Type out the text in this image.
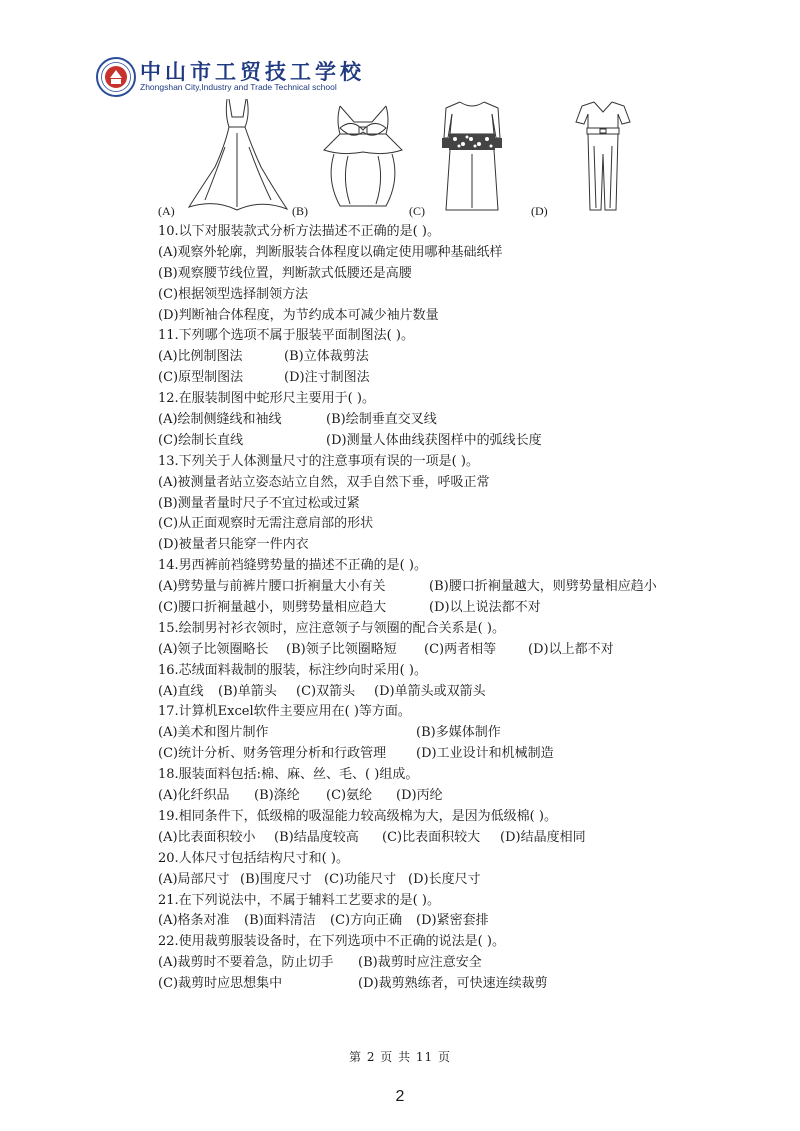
中山市工贸技工学校
Zhongshan City,Industry and Trade Technical school
(A)	(B)	(C)	(D)
10.以下对服装款式分析方法描述不正确的是( )。
(A)观察外轮廓，判断服装合体程度以确定使用哪种基础纸样
(B)观察腰节线位置，判断款式低腰还是高腰
(C)根据领型选择制领方法
(D)判断袖合体程度，为节约成本可减少袖片数量
11.下列哪个选项不属于服装平面制图法( )。
(A)比例制图法	(B)立体裁剪法
(C)原型制图法	(D)注寸制图法
12.在服装制图中蛇形尺主要用于( )。
(A)绘制侧缝线和袖线	(B)绘制垂直交叉线
(C)绘制长直线	(D)测量人体曲线获图样中的弧线长度
13.下列关于人体测量尺寸的注意事项有误的一项是( )。
(A)被测量者站立姿态站立自然，双手自然下垂，呼吸正常
(B)测量者量时尺子不宜过松或过紧
(C)从正面观察时无需注意肩部的形状
(D)被量者只能穿一件内衣
14.男西裤前裆缝劈势量的描述不正确的是( )。
(A)劈势量与前裤片腰口折裥量大小有关	(B)腰口折裥量越大，则劈势量相应趋小
(C)腰口折裥量越小，则劈势量相应趋大	(D)以上说法都不对
15.绘制男衬衫衣领时，应注意领子与领圈的配合关系是( )。
(A)领子比领圈略长	(B)领子比领圈略短	(C)两者相等	(D)以上都不对
16.芯绒面料裁制的服装，标注纱向时采用( )。
(A)直线	(B)单箭头	(C)双箭头	(D)单箭头或双箭头
17.计算机Excel软件主要应用在( )等方面。
(A)美术和图片制作	(B)多媒体制作
(C)统计分析、财务管理分析和行政管理	(D)工业设计和机械制造
18.服装面料包括:棉、麻、丝、毛、( )组成。
(A)化纤织品	(B)涤纶	(C)氨纶	(D)丙纶
19.相同条件下，低级棉的吸湿能力较高级棉为大，是因为低级棉( )。
(A)比表面积较小	(B)结晶度较高	(C)比表面积较大	(D)结晶度相同
20.人体尺寸包括结构尺寸和( )。
(A)局部尺寸 (B)围度尺寸 (C)功能尺寸 (D)长度尺寸
21.在下列说法中，不属于辅料工艺要求的是( )。
(A)格条对准	(B)面料清洁	(C)方向正确	(D)紧密套排
22.使用裁剪服装设备时，在下列选项中不正确的说法是( )。
(A)裁剪时不要着急，防止切手	(B)裁剪时应注意安全
(C)裁剪时应思想集中	(D)裁剪熟练者，可快速连续裁剪
第 2 页 共 11 页
2
